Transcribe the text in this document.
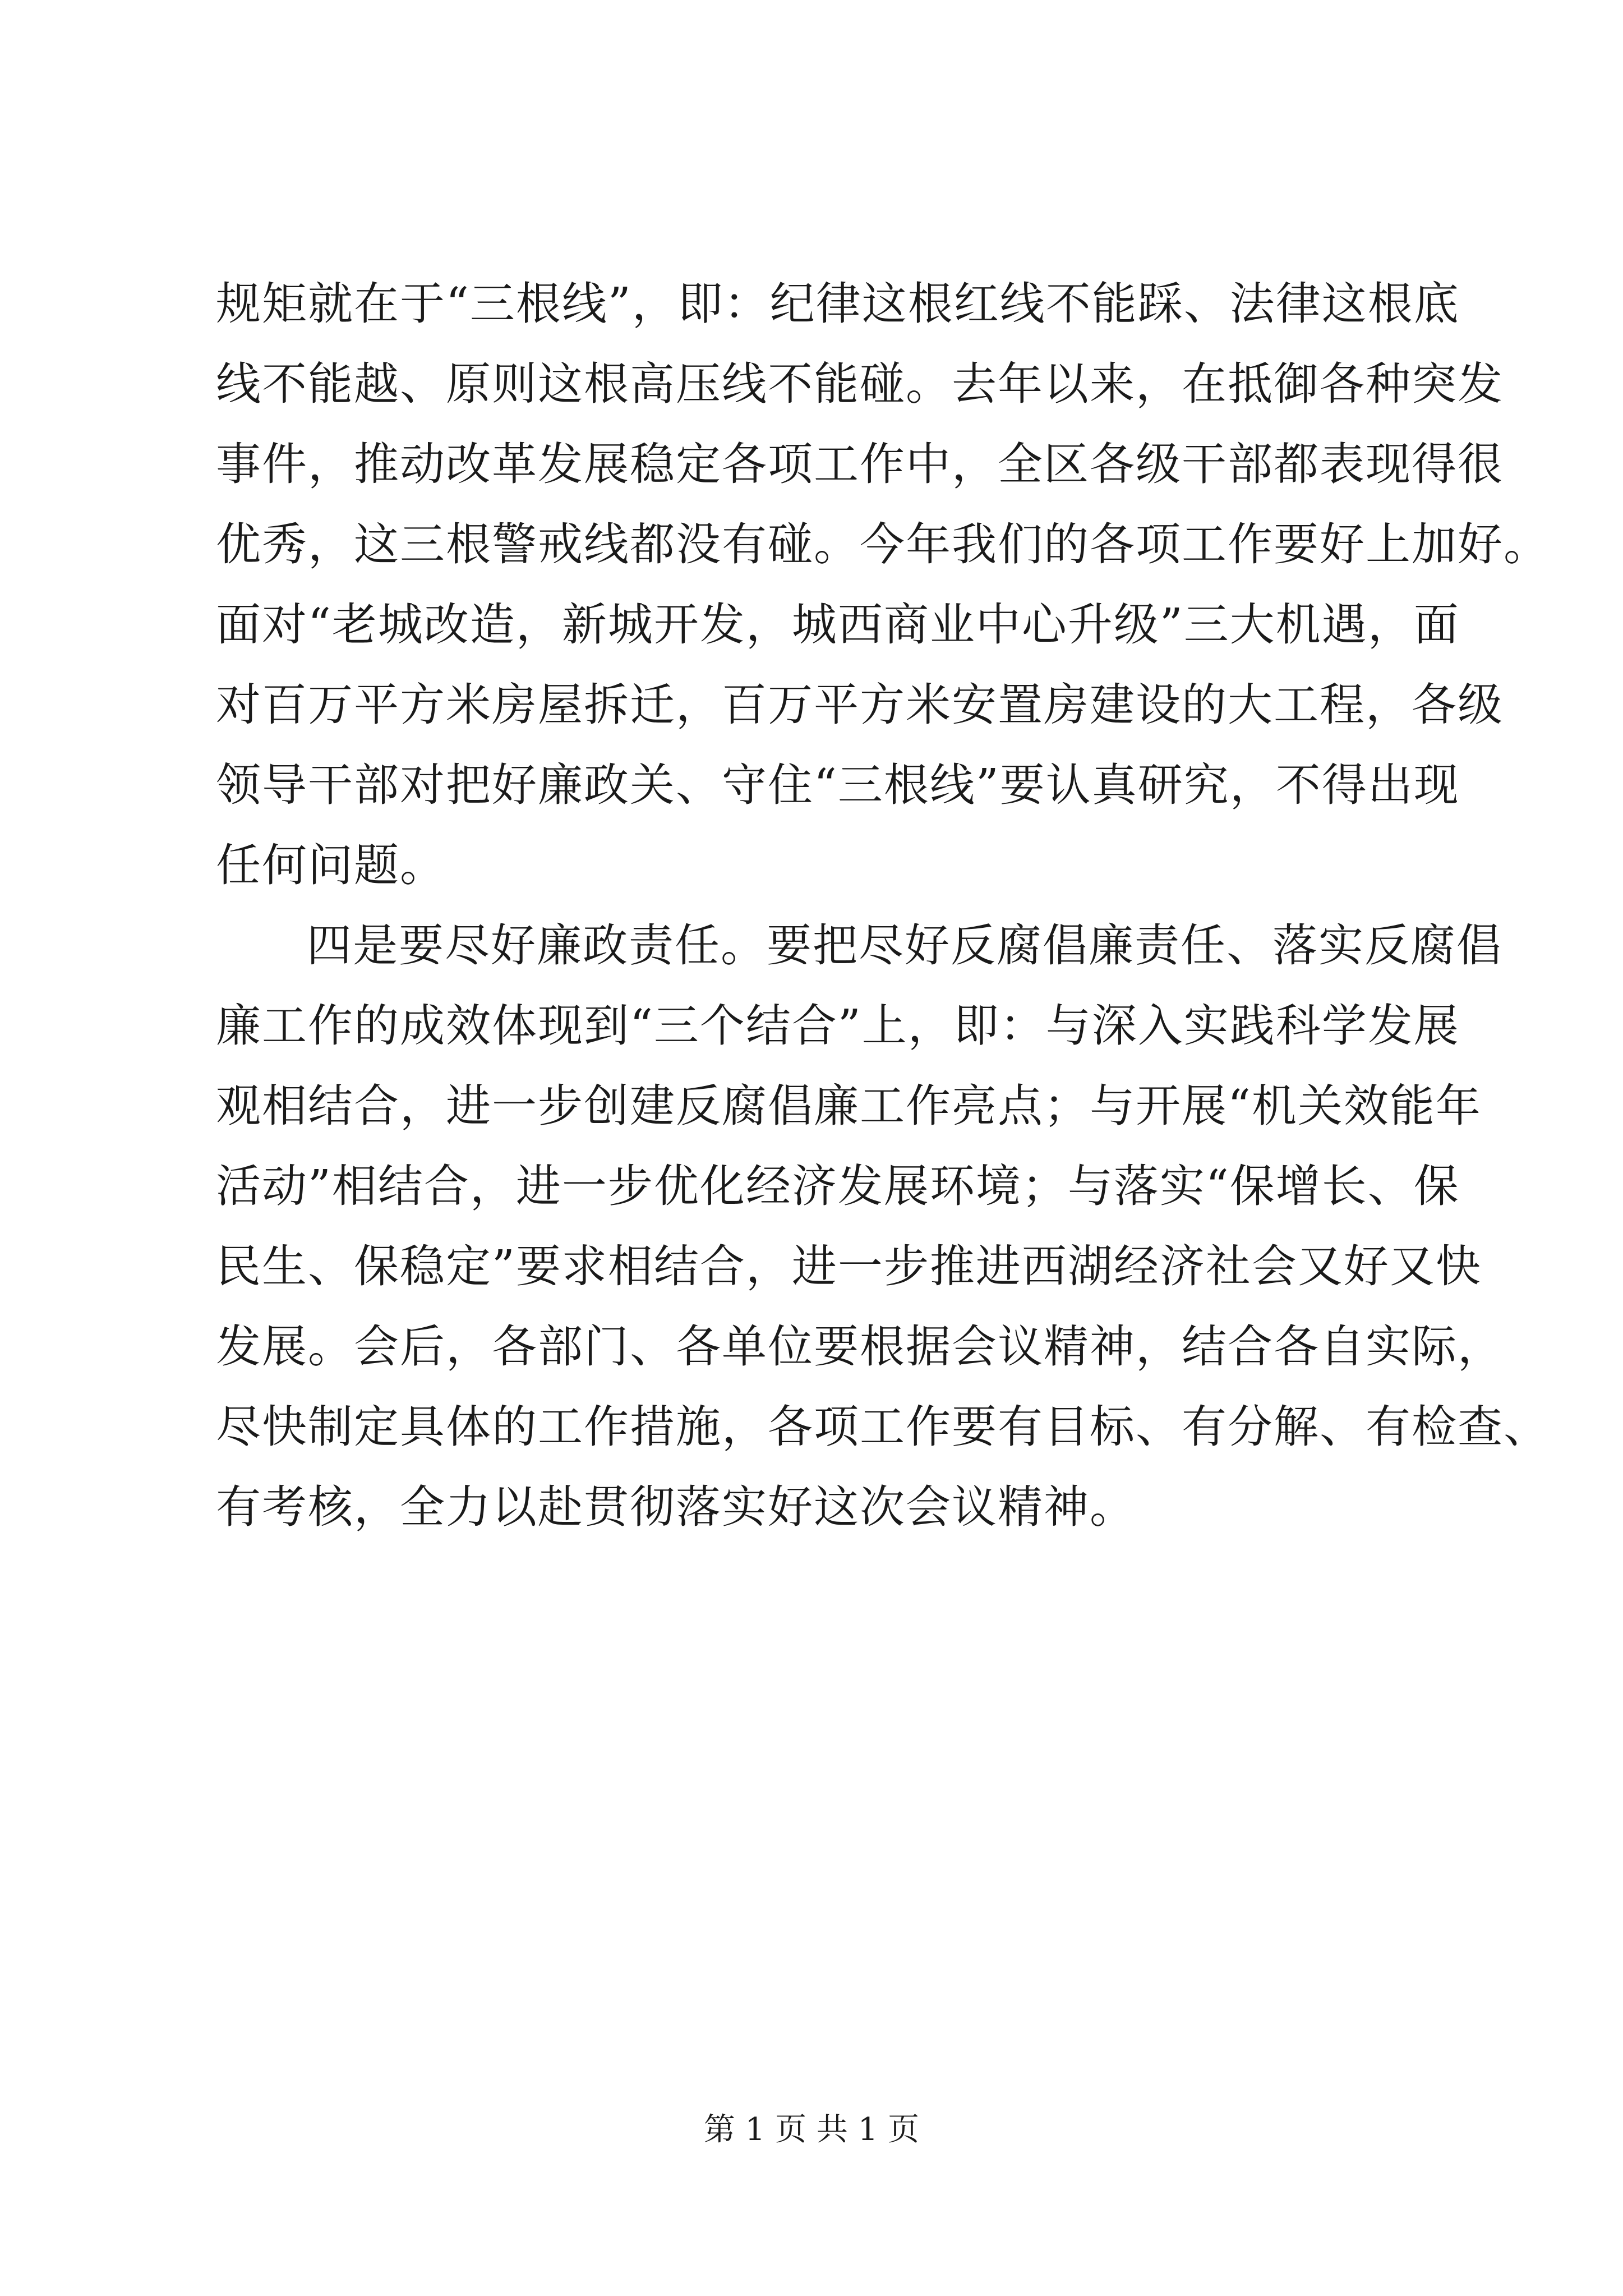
规矩就在于“三根线”，即：纪律这根红线不能踩、法律这根底
线不能越、原则这根高压线不能碰。去年以来，在抵御各种突发
事件，推动改革发展稳定各项工作中，全区各级干部都表现得很
优秀，这三根警戒线都没有碰。今年我们的各项工作要好上加好。
面对“老城改造，新城开发，城西商业中心升级”三大机遇，面
对百万平方米房屋拆迁，百万平方米安置房建设的大工程，各级
领导干部对把好廉政关、守住“三根线”要认真研究，不得出现
任何问题。

四是要尽好廉政责任。要把尽好反腐倡廉责任、落实反腐倡
廉工作的成效体现到“三个结合”上，即：与深入实践科学发展
观相结合，进一步创建反腐倡廉工作亮点；与开展“机关效能年
活动”相结合，进一步优化经济发展环境；与落实“保增长、保
民生、保稳定”要求相结合，进一步推进西湖经济社会又好又快
发展。会后，各部门、各单位要根据会议精神，结合各自实际，
尽快制定具体的工作措施，各项工作要有目标、有分解、有检查、
有考核，全力以赴贯彻落实好这次会议精神。

第 1 页 共 1 页
